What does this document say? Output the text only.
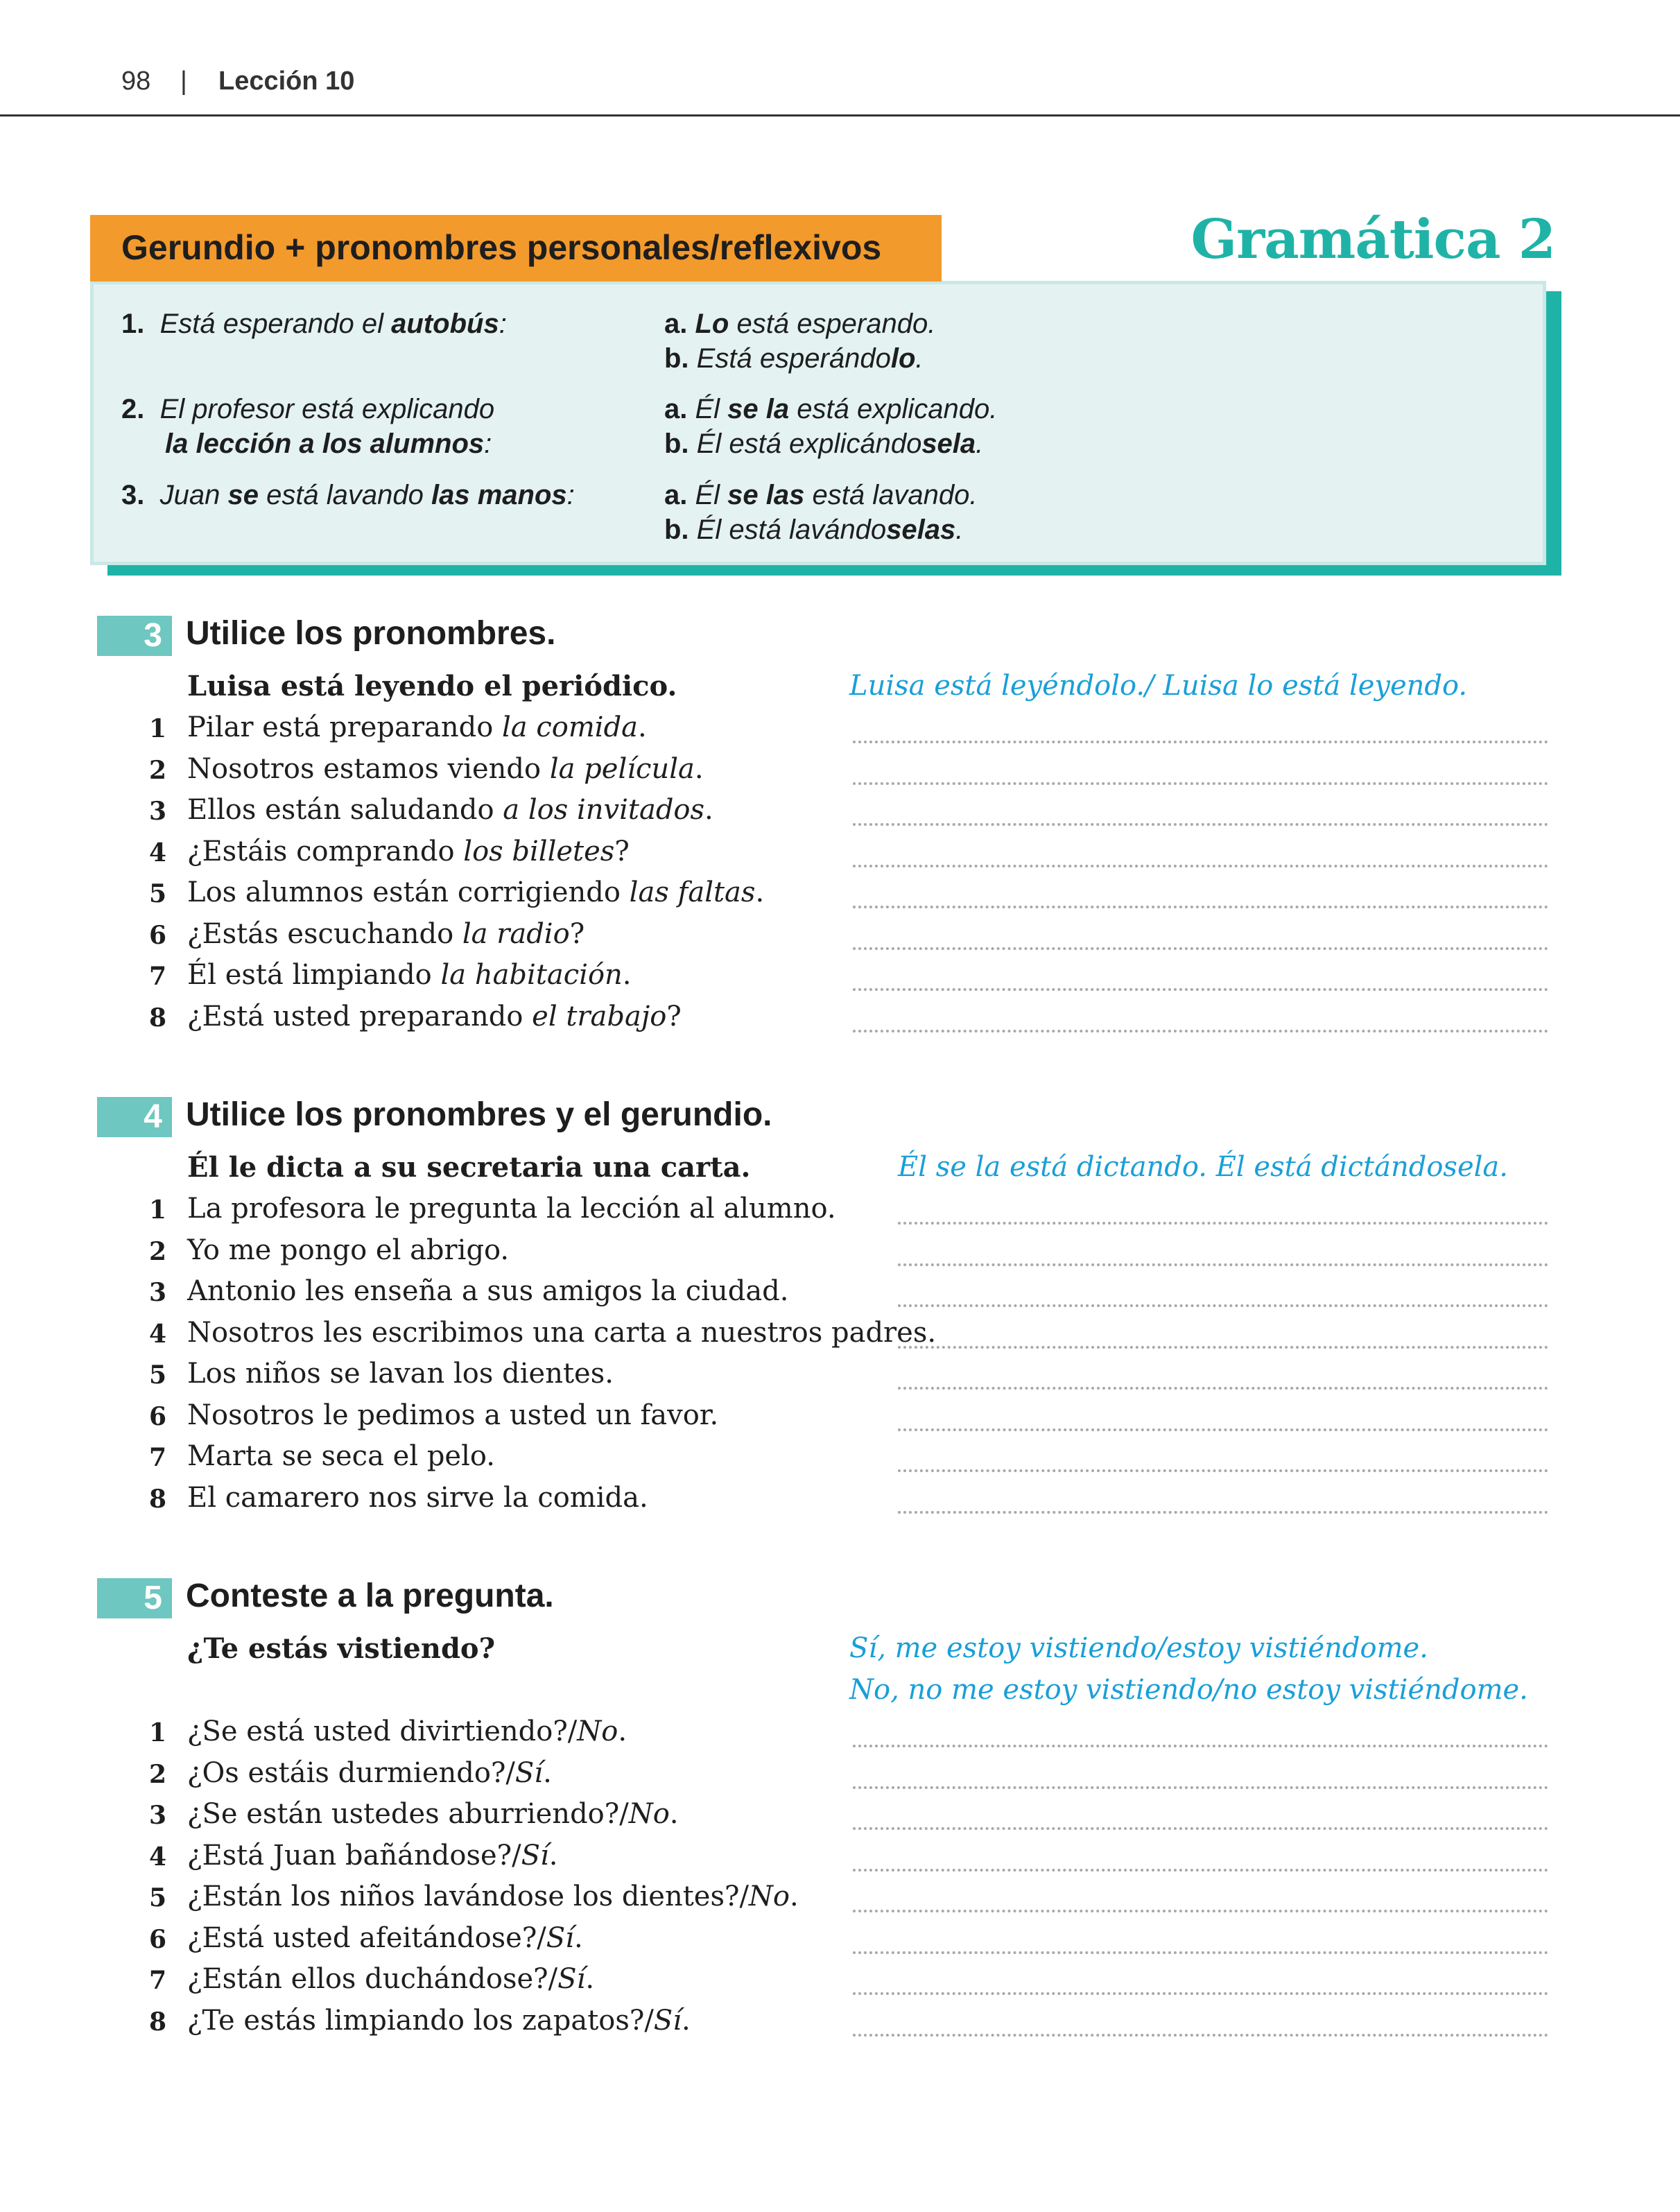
98 | Lección 10
Gramática 2
Gerundio + pronombres personales/reflexivos
1. Está esperando el autobús:	a. Lo está esperando.
b. Está esperándolo.
2. El profesor está explicando
la lección a los alumnos:
a. Él se la está explicando.
b. Él está explicándosela.
3. Juan se está lavando las manos:	a. Él se las está lavando.
b. Él está lavándoselas.
3 Utilice los pronombres.
Luisa está leyendo el periódico.	Luisa está leyéndolo./ Luisa lo está leyendo.
1 Pilar está preparando la comida.
2 Nosotros estamos viendo la película.
3 Ellos están saludando a los invitados.
4 ¿Estáis comprando los billetes?
5 Los alumnos están corrigiendo las faltas.
6 ¿Estás escuchando la radio?
7 Él está limpiando la habitación.
8 ¿Está usted preparando el trabajo?
4 Utilice los pronombres y el gerundio.
Él le dicta a su secretaria una carta.	Él se la está dictando. Él está dictándosela.
1 La profesora le pregunta la lección al alumno.
2 Yo me pongo el abrigo.
3 Antonio les enseña a sus amigos la ciudad.
4 Nosotros les escribimos una carta a nuestros padres.
5 Los niños se lavan los dientes.
6 Nosotros le pedimos a usted un favor.
7 Marta se seca el pelo.
8 El camarero nos sirve la comida.
5 Conteste a la pregunta.
¿Te estás vistiendo?	Sí, me estoy vistiendo/estoy vistiéndome.
No, no me estoy vistiendo/no estoy vistiéndome.
1 ¿Se está usted divirtiendo?/No.
2 ¿Os estáis durmiendo?/Sí.
3 ¿Se están ustedes aburriendo?/No.
4 ¿Está Juan bañándose?/Sí.
5 ¿Están los niños lavándose los dientes?/No.
6 ¿Está usted afeitándose?/Sí.
7 ¿Están ellos duchándose?/Sí.
8 ¿Te estás limpiando los zapatos?/Sí.
